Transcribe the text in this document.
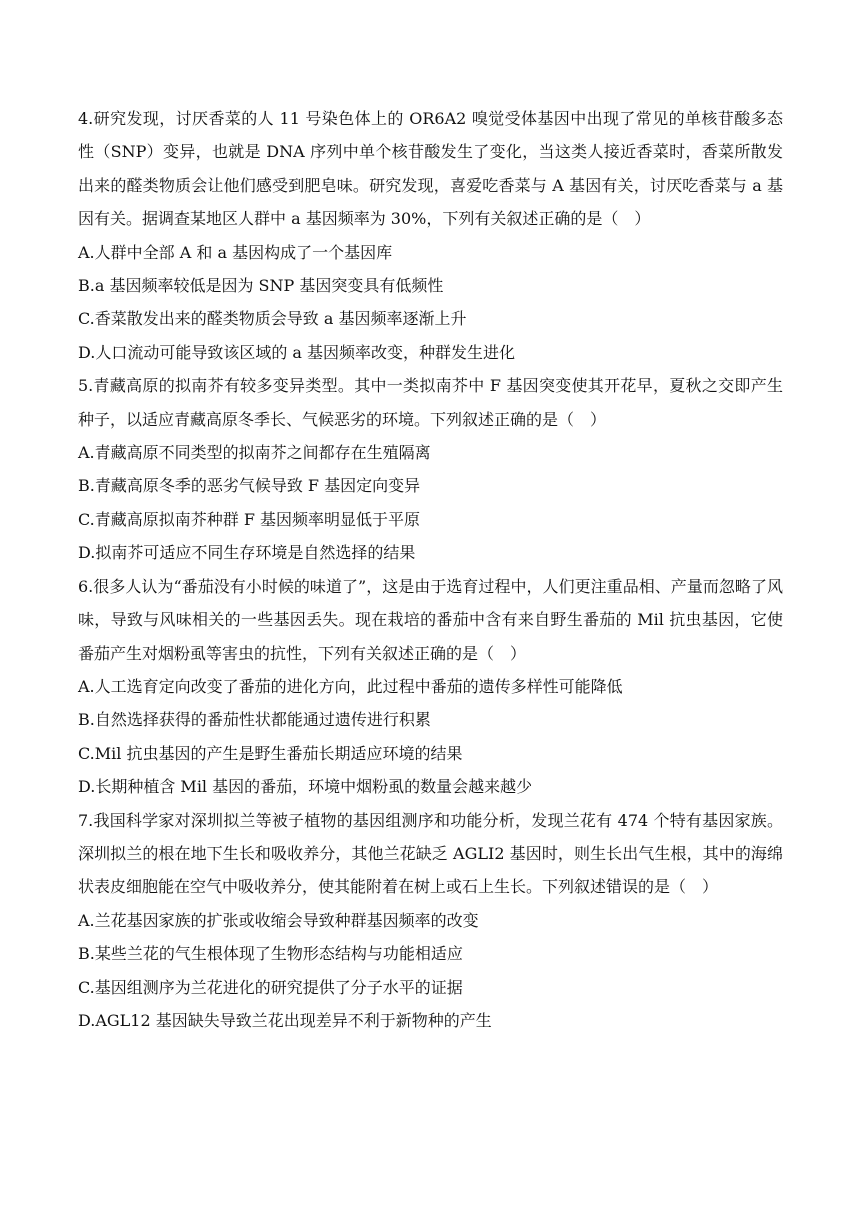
4.研究发现，讨厌香菜的人 11 号染色体上的 OR6A2 嗅觉受体基因中出现了常见的单核苷酸多态性（SNP）变异，也就是 DNA 序列中单个核苷酸发生了变化，当这类人接近香菜时，香菜所散发出来的醛类物质会让他们感受到肥皂味。研究发现，喜爱吃香菜与 A 基因有关，讨厌吃香菜与 a 基因有关。据调查某地区人群中 a 基因频率为 30%，下列有关叙述正确的是（　）

A.人群中全部 A 和 a 基因构成了一个基因库

B.a 基因频率较低是因为 SNP 基因突变具有低频性

C.香菜散发出来的醛类物质会导致 a 基因频率逐渐上升

D.人口流动可能导致该区域的 a 基因频率改变，种群发生进化

5.青藏高原的拟南芥有较多变异类型。其中一类拟南芥中 F 基因突变使其开花早，夏秋之交即产生种子，以适应青藏高原冬季长、气候恶劣的环境。下列叙述正确的是（　）

A.青藏高原不同类型的拟南芥之间都存在生殖隔离

B.青藏高原冬季的恶劣气候导致 F 基因定向变异

C.青藏高原拟南芥种群 F 基因频率明显低于平原

D.拟南芥可适应不同生存环境是自然选择的结果

6.很多人认为“番茄没有小时候的味道了”，这是由于选育过程中，人们更注重品相、产量而忽略了风味，导致与风味相关的一些基因丢失。现在栽培的番茄中含有来自野生番茄的 Mil 抗虫基因，它使番茄产生对烟粉虱等害虫的抗性，下列有关叙述正确的是（　）

A.人工选育定向改变了番茄的进化方向，此过程中番茄的遗传多样性可能降低

B.自然选择获得的番茄性状都能通过遗传进行积累

C.Mil 抗虫基因的产生是野生番茄长期适应环境的结果

D.长期种植含 Mil 基因的番茄，环境中烟粉虱的数量会越来越少

7.我国科学家对深圳拟兰等被子植物的基因组测序和功能分析，发现兰花有 474 个特有基因家族。深圳拟兰的根在地下生长和吸收养分，其他兰花缺乏 AGLI2 基因时，则生长出气生根，其中的海绵状表皮细胞能在空气中吸收养分，使其能附着在树上或石上生长。下列叙述错误的是（　）

A.兰花基因家族的扩张或收缩会导致种群基因频率的改变

B.某些兰花的气生根体现了生物形态结构与功能相适应

C.基因组测序为兰花进化的研究提供了分子水平的证据

D.AGL12 基因缺失导致兰花出现差异不利于新物种的产生
